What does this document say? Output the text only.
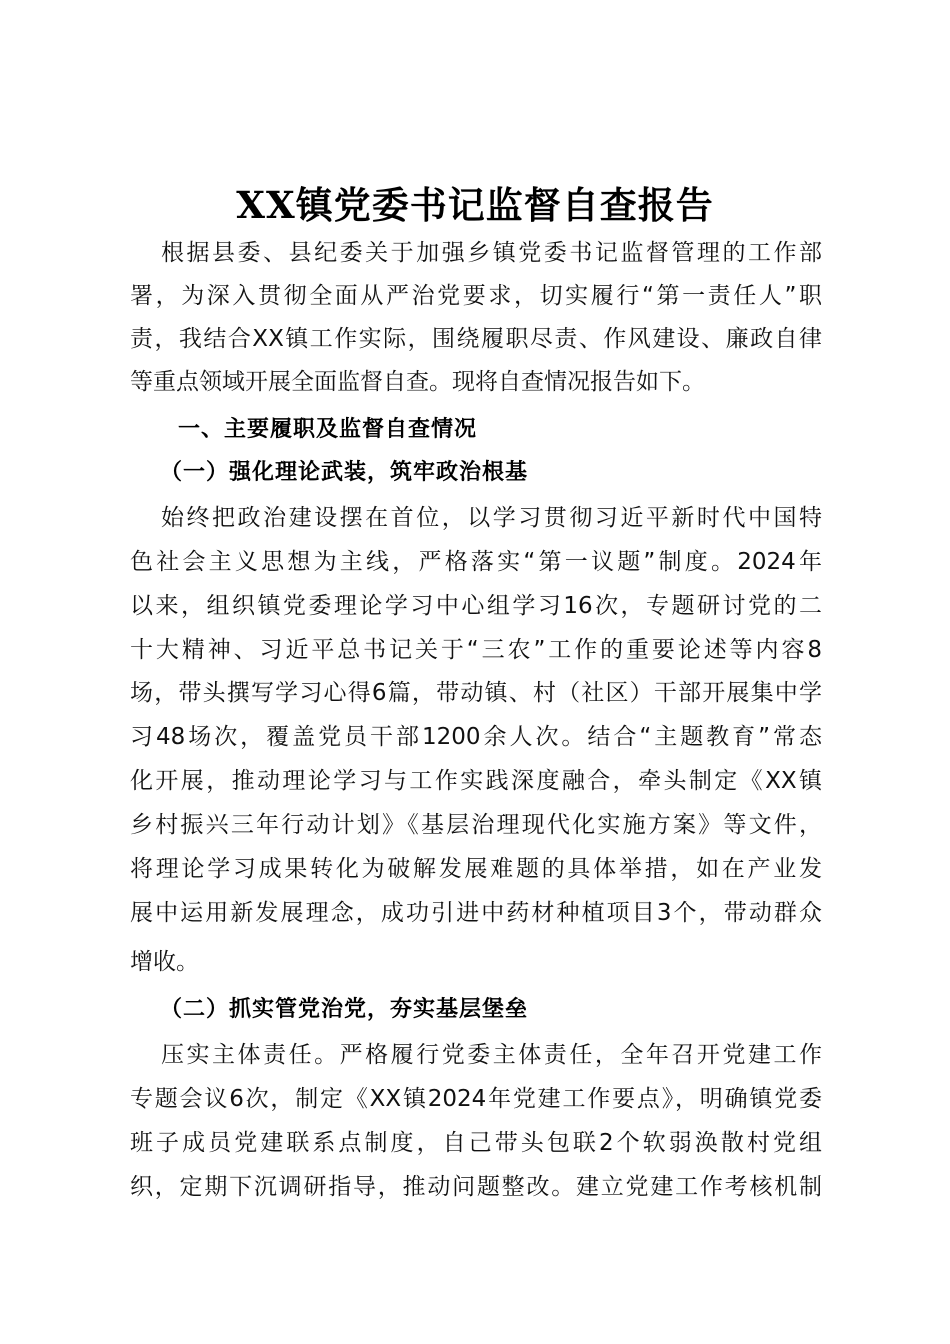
XX镇党委书记监督自查报告
根据县委、县纪委关于加强乡镇党委书记监督管理的工作部
署，为深入贯彻全面从严治党要求，切实履行“第一责任人”职
责，我结合XX镇工作实际，围绕履职尽责、作风建设、廉政自律
等重点领域开展全面监督自查。现将自查情况报告如下。
一、主要履职及监督自查情况
（一）强化理论武装，筑牢政治根基
始终把政治建设摆在首位，以学习贯彻习近平新时代中国特
色社会主义思想为主线，严格落实“第一议题”制度。2024年
以来，组织镇党委理论学习中心组学习16次，专题研讨党的二
十大精神、习近平总书记关于“三农”工作的重要论述等内容8
场，带头撰写学习心得6篇，带动镇、村（社区）干部开展集中学
习48场次，覆盖党员干部1200余人次。结合“主题教育”常态
化开展，推动理论学习与工作实践深度融合，牵头制定《XX镇
乡村振兴三年行动计划》《基层治理现代化实施方案》等文件，
将理论学习成果转化为破解发展难题的具体举措，如在产业发
展中运用新发展理念，成功引进中药材种植项目3个，带动群众
增收。
（二）抓实管党治党，夯实基层堡垒
压实主体责任。严格履行党委主体责任，全年召开党建工作
专题会议6次，制定《XX镇2024年党建工作要点》，明确镇党委
班子成员党建联系点制度，自己带头包联2个软弱涣散村党组
织，定期下沉调研指导，推动问题整改。建立党建工作考核机制
